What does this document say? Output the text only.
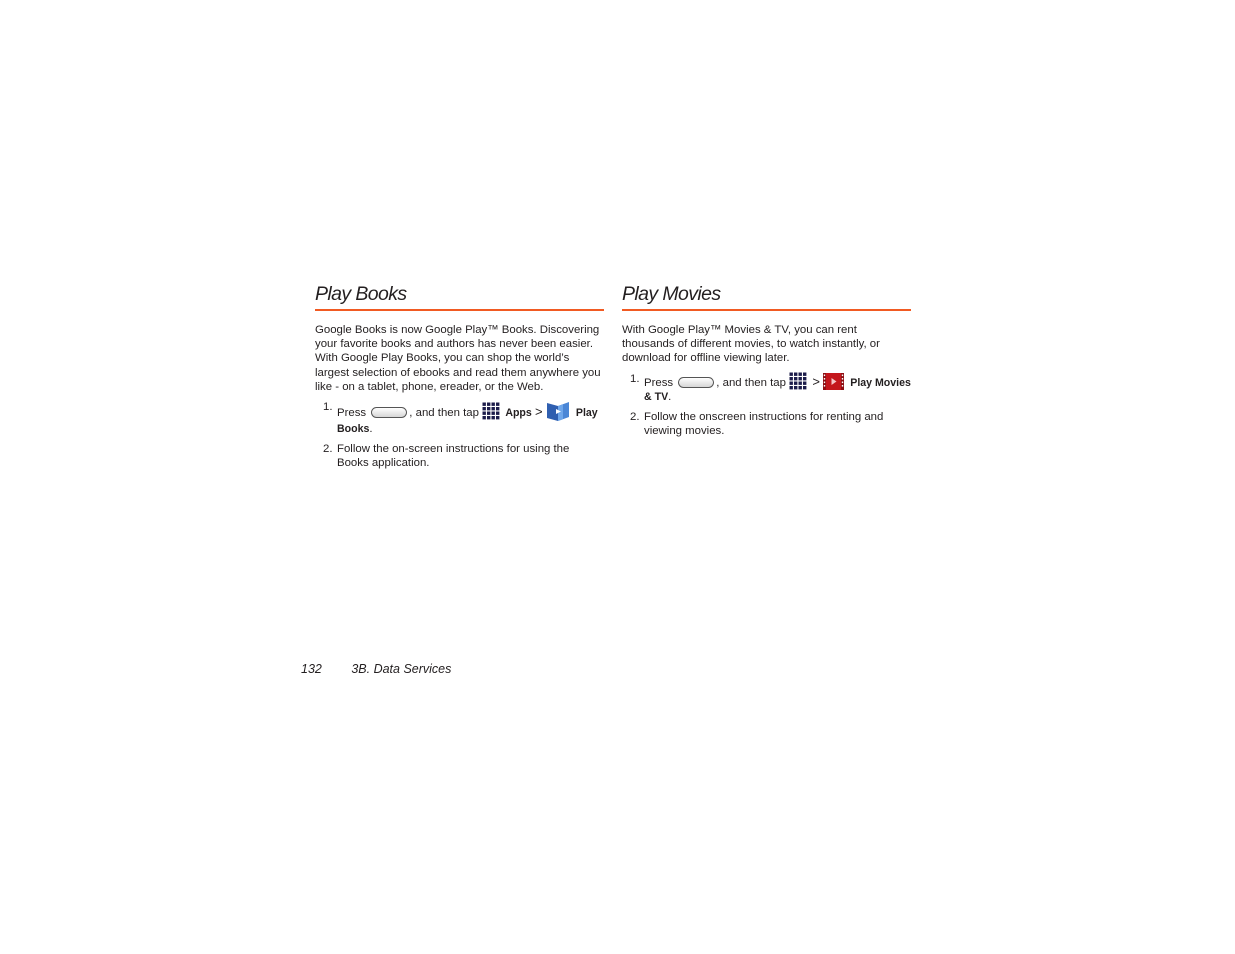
Play Books

Google Books is now Google Play™ Books. Discovering your favorite books and authors has never been easier. With Google Play Books, you can shop the world’s largest selection of ebooks and read them anywhere you like - on a tablet, phone, ereader, or the Web.

1. Press	, and then tap Apps >	Play Books.
2. Follow the on-screen instructions for using the Books application.
Play Movies

With Google Play™ Movies & TV, you can rent thousands of different movies, to watch instantly, or download for offline viewing later.

1. Press	, and then tap >	Play Movies & TV.
2. Follow the onscreen instructions for renting and viewing movies.
132 3B. Data Services
